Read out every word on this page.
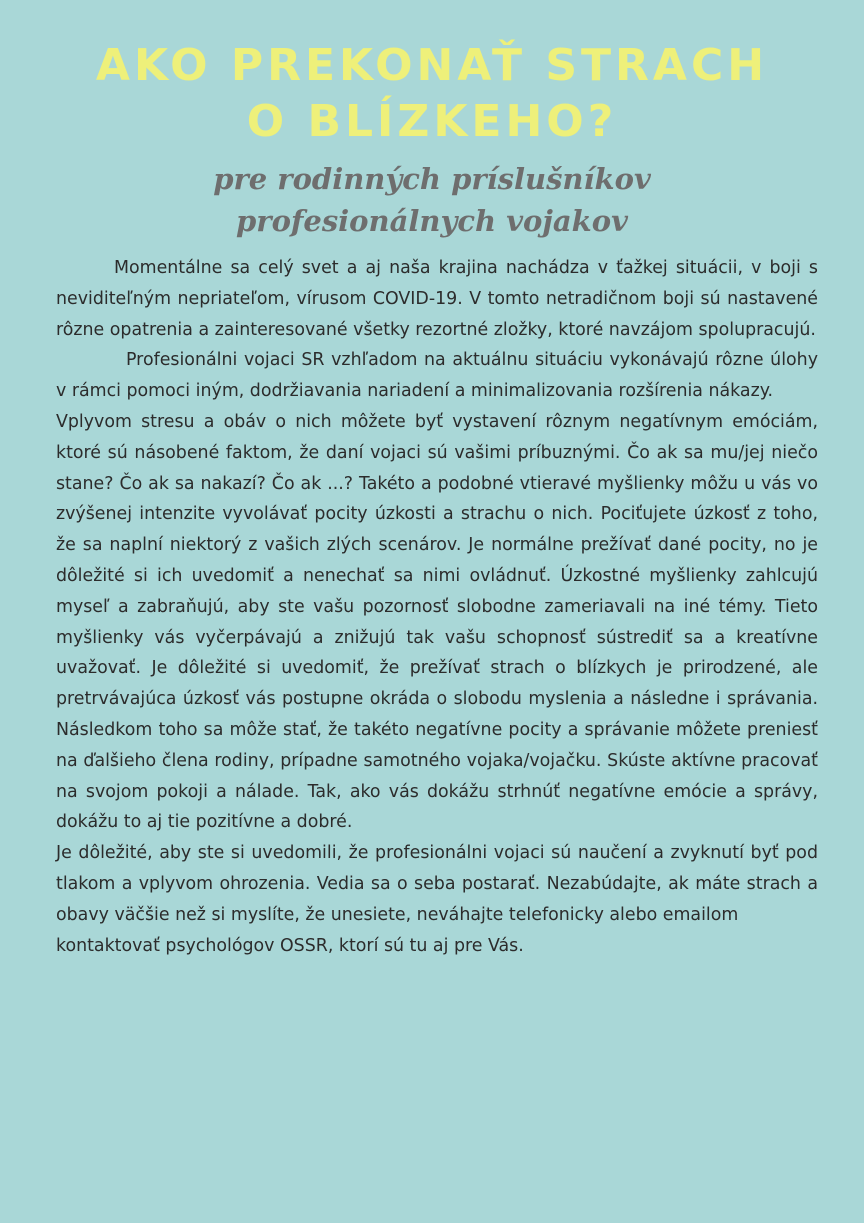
AKO PREKONAŤ STRACH
O BLÍZKEHO?
pre rodinných príslušníkov
profesionálnych vojakov

Momentálne sa celý svet a aj naša krajina nachádza v ťažkej situácii, v boji s neviditeľným nepriateľom, vírusom COVID-19. V tomto netradičnom boji sú nastavené rôzne opatrenia a zainteresované všetky rezortné zložky, ktoré navzájom spolupracujú.

Profesionálni vojaci SR vzhľadom na aktuálnu situáciu vykonávajú rôzne úlohy v rámci pomoci iným, dodržiavania nariadení a minimalizovania rozšírenia nákazy.

Vplyvom stresu a obáv o nich môžete byť vystavení rôznym negatívnym emóciám, ktoré sú násobené faktom, že daní vojaci sú vašimi príbuznými. Čo ak sa mu/jej niečo stane? Čo ak sa nakazí? Čo ak ...? Takéto a podobné vtieravé myšlienky môžu u vás vo zvýšenej intenzite vyvolávať pocity úzkosti a strachu o nich. Pociťujete úzkosť z toho, že sa naplní niektorý z vašich zlých scenárov. Je normálne prežívať dané pocity, no je dôležité si ich uvedomiť a nenechať sa nimi ovládnuť. Úzkostné myšlienky zahlcujú myseľ a zabraňujú, aby ste vašu pozornosť slobodne zameriavali na iné témy. Tieto myšlienky vás vyčerpávajú a znižujú tak vašu schopnosť sústrediť sa a kreatívne uvažovať. Je dôležité si uvedomiť, že prežívať strach o blízkych je prirodzené, ale pretrvávajúca úzkosť vás postupne okráda o slobodu myslenia a následne i správania. Následkom toho sa môže stať, že takéto negatívne pocity a správanie môžete preniesť na ďalšieho člena rodiny, prípadne samotného vojaka/vojačku. Skúste aktívne pracovať na svojom pokoji a nálade. Tak, ako vás dokážu strhnúť negatívne emócie a správy, dokážu to aj tie pozitívne a dobré.

Je dôležité, aby ste si uvedomili, že profesionálni vojaci sú naučení a zvyknutí byť pod tlakom a vplyvom ohrozenia. Vedia sa o seba postarať. Nezabúdajte, ak máte strach a obavy väčšie než si myslíte, že unesiete, neváhajte telefonicky alebo emailom

kontaktovať psychológov OSSR, ktorí sú tu aj pre Vás.
